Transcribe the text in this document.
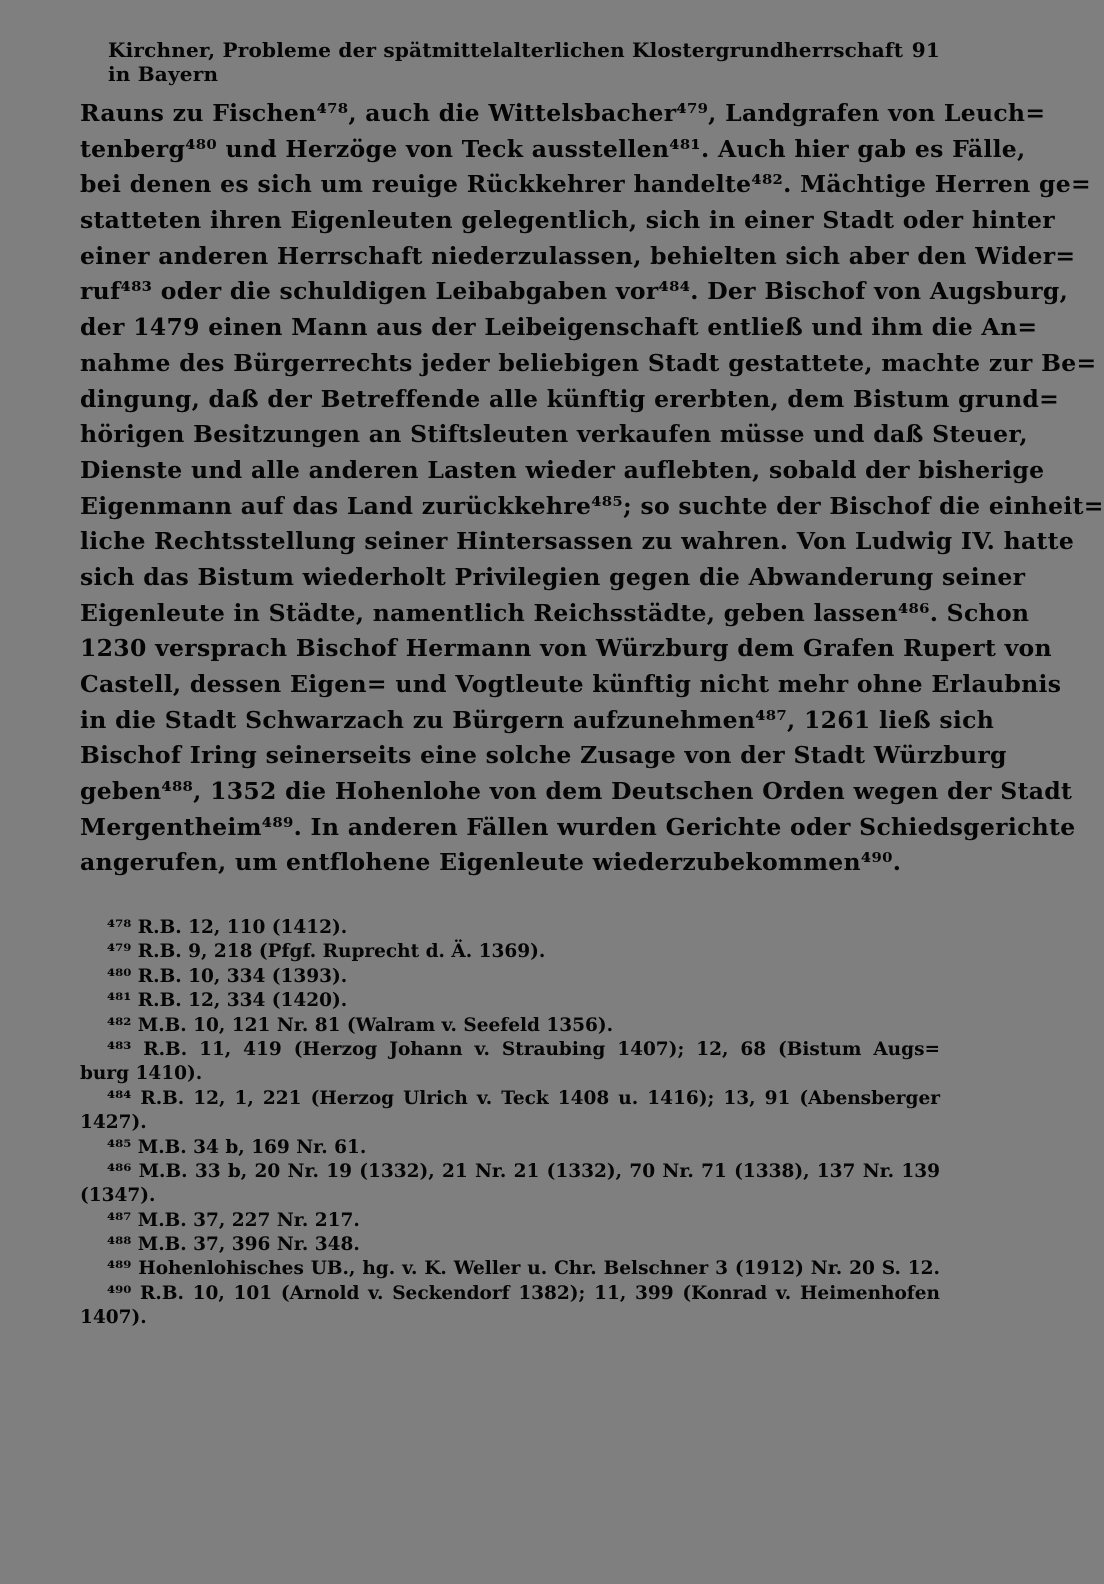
Kirchner, Probleme der spätmittelalterlichen Klostergrundherrschaft in Bayern
91
Rauns zu Fischen⁴⁷⁸, auch die Wittelsbacher⁴⁷⁹, Landgrafen von Leuch=
tenberg⁴⁸⁰ und Herzöge von Teck ausstellen⁴⁸¹. Auch hier gab es Fälle,
bei denen es sich um reuige Rückkehrer handelte⁴⁸². Mächtige Herren ge=
statteten ihren Eigenleuten gelegentlich, sich in einer Stadt oder hinter
einer anderen Herrschaft niederzulassen, behielten sich aber den Wider=
ruf⁴⁸³ oder die schuldigen Leibabgaben vor⁴⁸⁴. Der Bischof von Augsburg,
der 1479 einen Mann aus der Leibeigenschaft entließ und ihm die An=
nahme des Bürgerrechts jeder beliebigen Stadt gestattete, machte zur Be=
dingung, daß der Betreffende alle künftig ererbten, dem Bistum grund=
hörigen Besitzungen an Stiftsleuten verkaufen müsse und daß Steuer,
Dienste und alle anderen Lasten wieder auflebten, sobald der bisherige
Eigenmann auf das Land zurückkehre⁴⁸⁵; so suchte der Bischof die einheit=
liche Rechtsstellung seiner Hintersassen zu wahren. Von Ludwig IV. hatte
sich das Bistum wiederholt Privilegien gegen die Abwanderung seiner
Eigenleute in Städte, namentlich Reichsstädte, geben lassen⁴⁸⁶. Schon
1230 versprach Bischof Hermann von Würzburg dem Grafen Rupert von
Castell, dessen Eigen= und Vogtleute künftig nicht mehr ohne Erlaubnis
in die Stadt Schwarzach zu Bürgern aufzunehmen⁴⁸⁷, 1261 ließ sich
Bischof Iring seinerseits eine solche Zusage von der Stadt Würzburg
geben⁴⁸⁸, 1352 die Hohenlohe von dem Deutschen Orden wegen der Stadt
Mergentheim⁴⁸⁹. In anderen Fällen wurden Gerichte oder Schiedsgerichte
angerufen, um entflohene Eigenleute wiederzubekommen⁴⁹⁰.
⁴⁷⁸ R.B. 12, 110 (1412).
⁴⁷⁹ R.B. 9, 218 (Pfgf. Ruprecht d. Ä. 1369).
⁴⁸⁰ R.B. 10, 334 (1393).
⁴⁸¹ R.B. 12, 334 (1420).
⁴⁸² M.B. 10, 121 Nr. 81 (Walram v. Seefeld 1356).
⁴⁸³ R.B. 11, 419 (Herzog Johann v. Straubing 1407); 12, 68 (Bistum Augs=
burg 1410).
⁴⁸⁴ R.B. 12, 1, 221 (Herzog Ulrich v. Teck 1408 u. 1416); 13, 91 (Abensberger
1427).
⁴⁸⁵ M.B. 34 b, 169 Nr. 61.
⁴⁸⁶ M.B. 33 b, 20 Nr. 19 (1332), 21 Nr. 21 (1332), 70 Nr. 71 (1338), 137 Nr. 139
(1347).
⁴⁸⁷ M.B. 37, 227 Nr. 217.
⁴⁸⁸ M.B. 37, 396 Nr. 348.
⁴⁸⁹ Hohenlohisches UB., hg. v. K. Weller u. Chr. Belschner 3 (1912) Nr. 20 S. 12.
⁴⁹⁰ R.B. 10, 101 (Arnold v. Seckendorf 1382); 11, 399 (Konrad v. Heimenhofen
1407).
